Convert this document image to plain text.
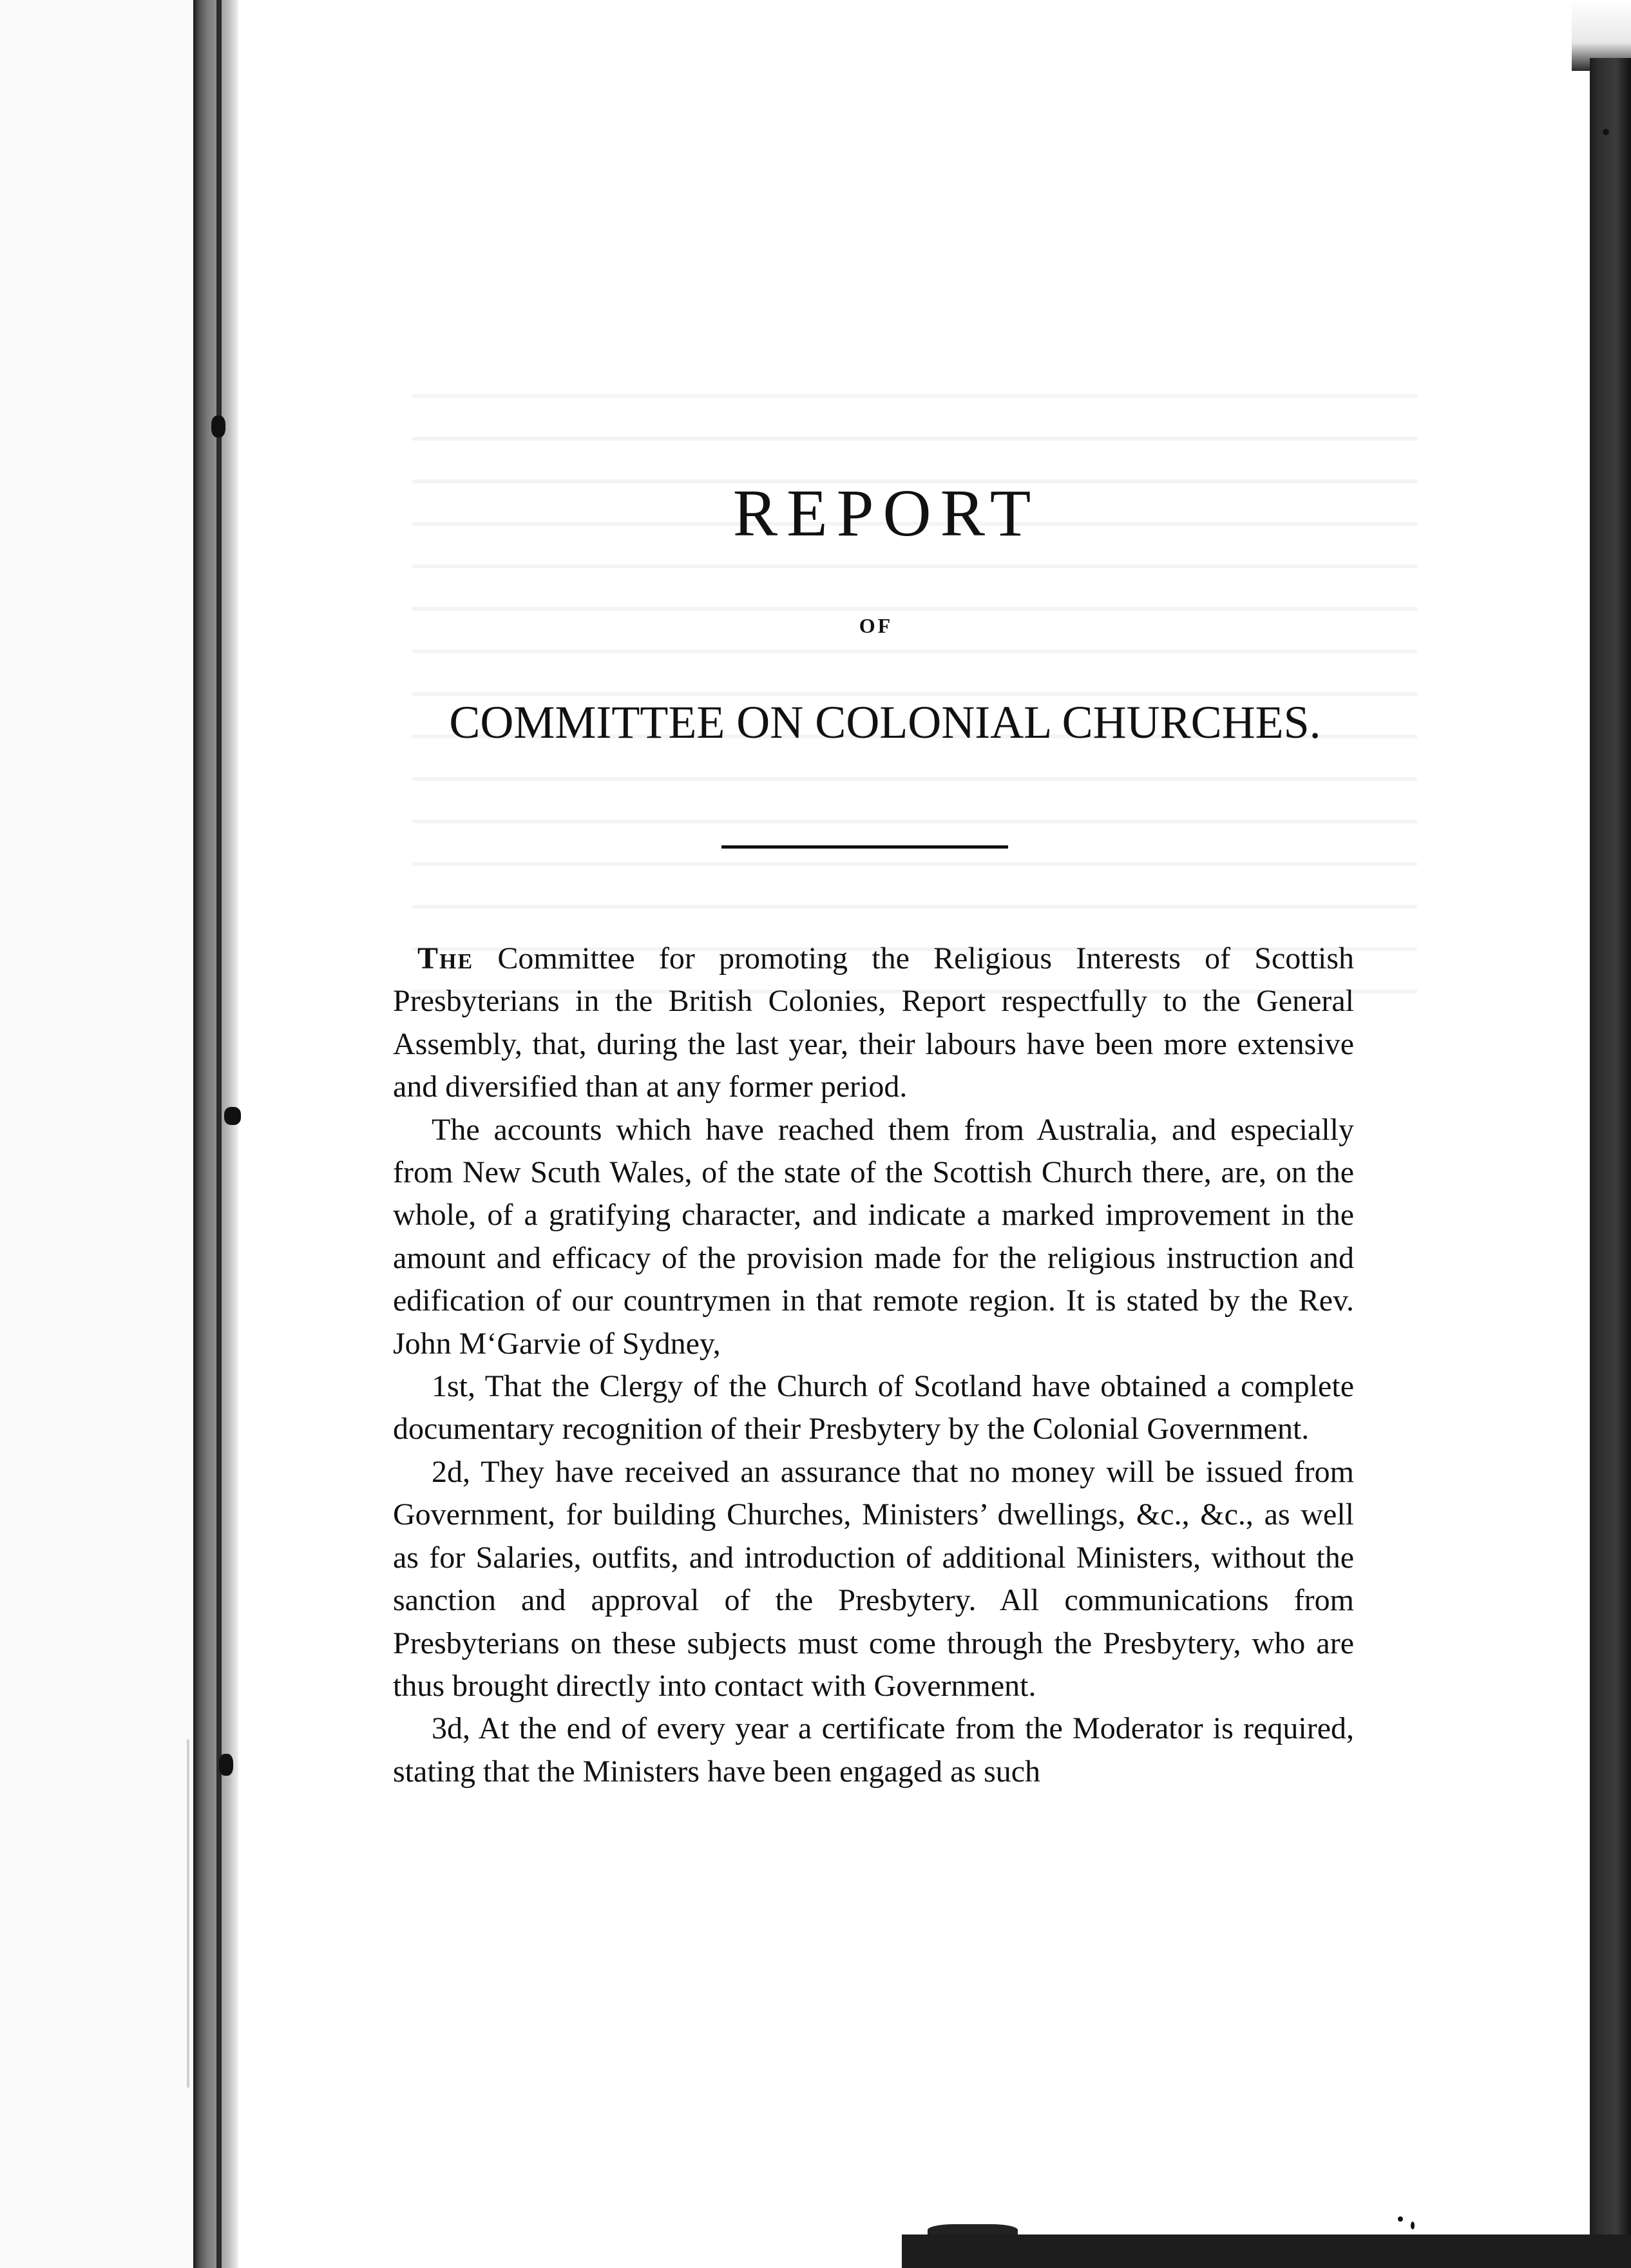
REPORT
OF
COMMITTEE ON COLONIAL CHURCHES.

The Committee for promoting the Religious Interests of Scottish Presbyterians in the British Colonies, Report respectfully to the General Assembly, that, during the last year, their labours have been more extensive and diversified than at any former period.

The accounts which have reached them from Australia, and especially from New Scuth Wales, of the state of the Scottish Church there, are, on the whole, of a gratifying character, and indicate a marked improvement in the amount and efficacy of the provision made for the religious instruction and edification of our countrymen in that remote region. It is stated by the Rev. John M‘Garvie of Sydney,

1st, That the Clergy of the Church of Scotland have obtained a complete documentary recognition of their Presbytery by the Colonial Government.

2d, They have received an assurance that no money will be issued from Government, for building Churches, Ministers’ dwellings, &c., &c., as well as for Salaries, outfits, and introduction of additional Ministers, without the sanction and approval of the Presbytery. All communications from Presbyterians on these subjects must come through the Presbytery, who are thus brought directly into contact with Government.

3d, At the end of every year a certificate from the Moderator is required, stating that the Ministers have been engaged as such
